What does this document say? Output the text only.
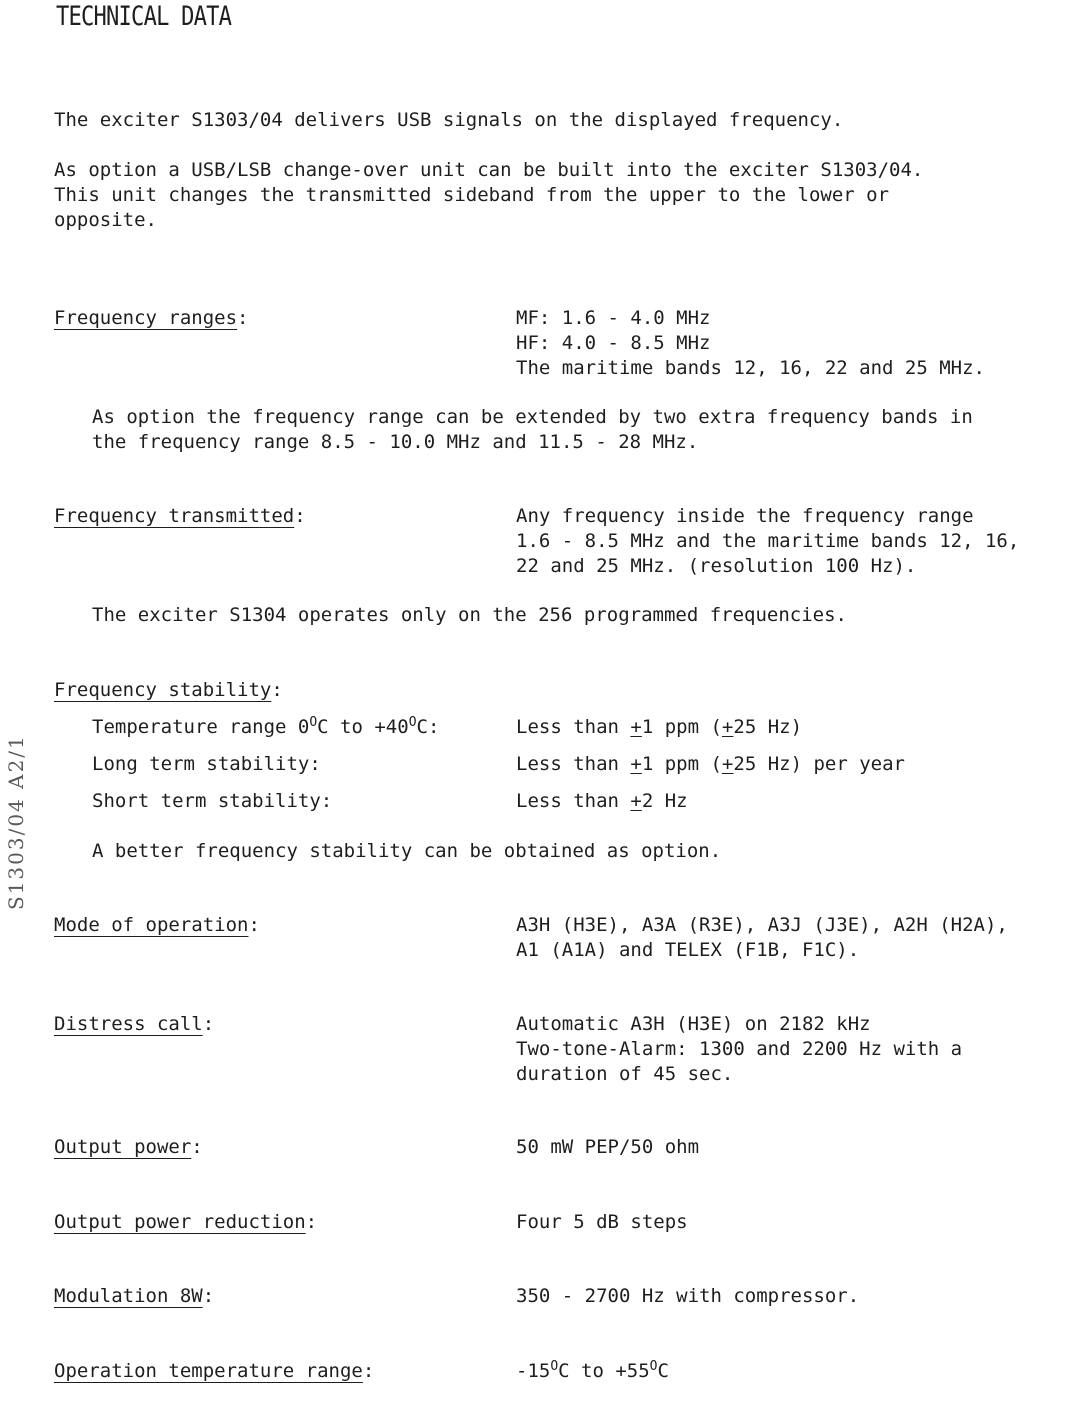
TECHNICAL DATA
S1303/04 A2/1
The exciter S1303/04 delivers USB signals on the displayed frequency.
As option a USB/LSB change-over unit can be built into the exciter S1303/04.
This unit changes the transmitted sideband from the upper to the lower or
opposite.
Frequency ranges:	MF: 1.6 - 4.0 MHz
HF: 4.0 - 8.5 MHz
The maritime bands 12, 16, 22 and 25 MHz.
As option the frequency range can be extended by two extra frequency bands in
the frequency range 8.5 - 10.0 MHz and 11.5 - 28 MHz.
Frequency transmitted:	Any frequency inside the frequency range
1.6 - 8.5 MHz and the maritime bands 12, 16,
22 and 25 MHz. (resolution 100 Hz).
The exciter S1304 operates only on the 256 programmed frequencies.
Frequency stability:
Temperature range $0^OC$ to $+40^OC$:	Less than +1 ppm (+25 Hz)
Long term stability:	Less than +1 ppm (+25 Hz) per year
Short term stability:	Less than +2 Hz
A better frequency stability can be obtained as option.
Mode of operation:	A3H (H3E), A3A (R3E), A3J (J3E), A2H (H2A),
A1 (A1A) and TELEX (F1B, F1C).
Distress call:	Automatic A3H (H3E) on 2182 kHz
Two-tone-Alarm: 1300 and 2200 Hz with a
duration of 45 sec.
Output power:	50 mW PEP/50 ohm
Output power reduction:	Four 5 dB steps
Modulation 8W:	350 - 2700 Hz with compressor.
Operation temperature range:	$-15^OC$ to $+55^OC$
